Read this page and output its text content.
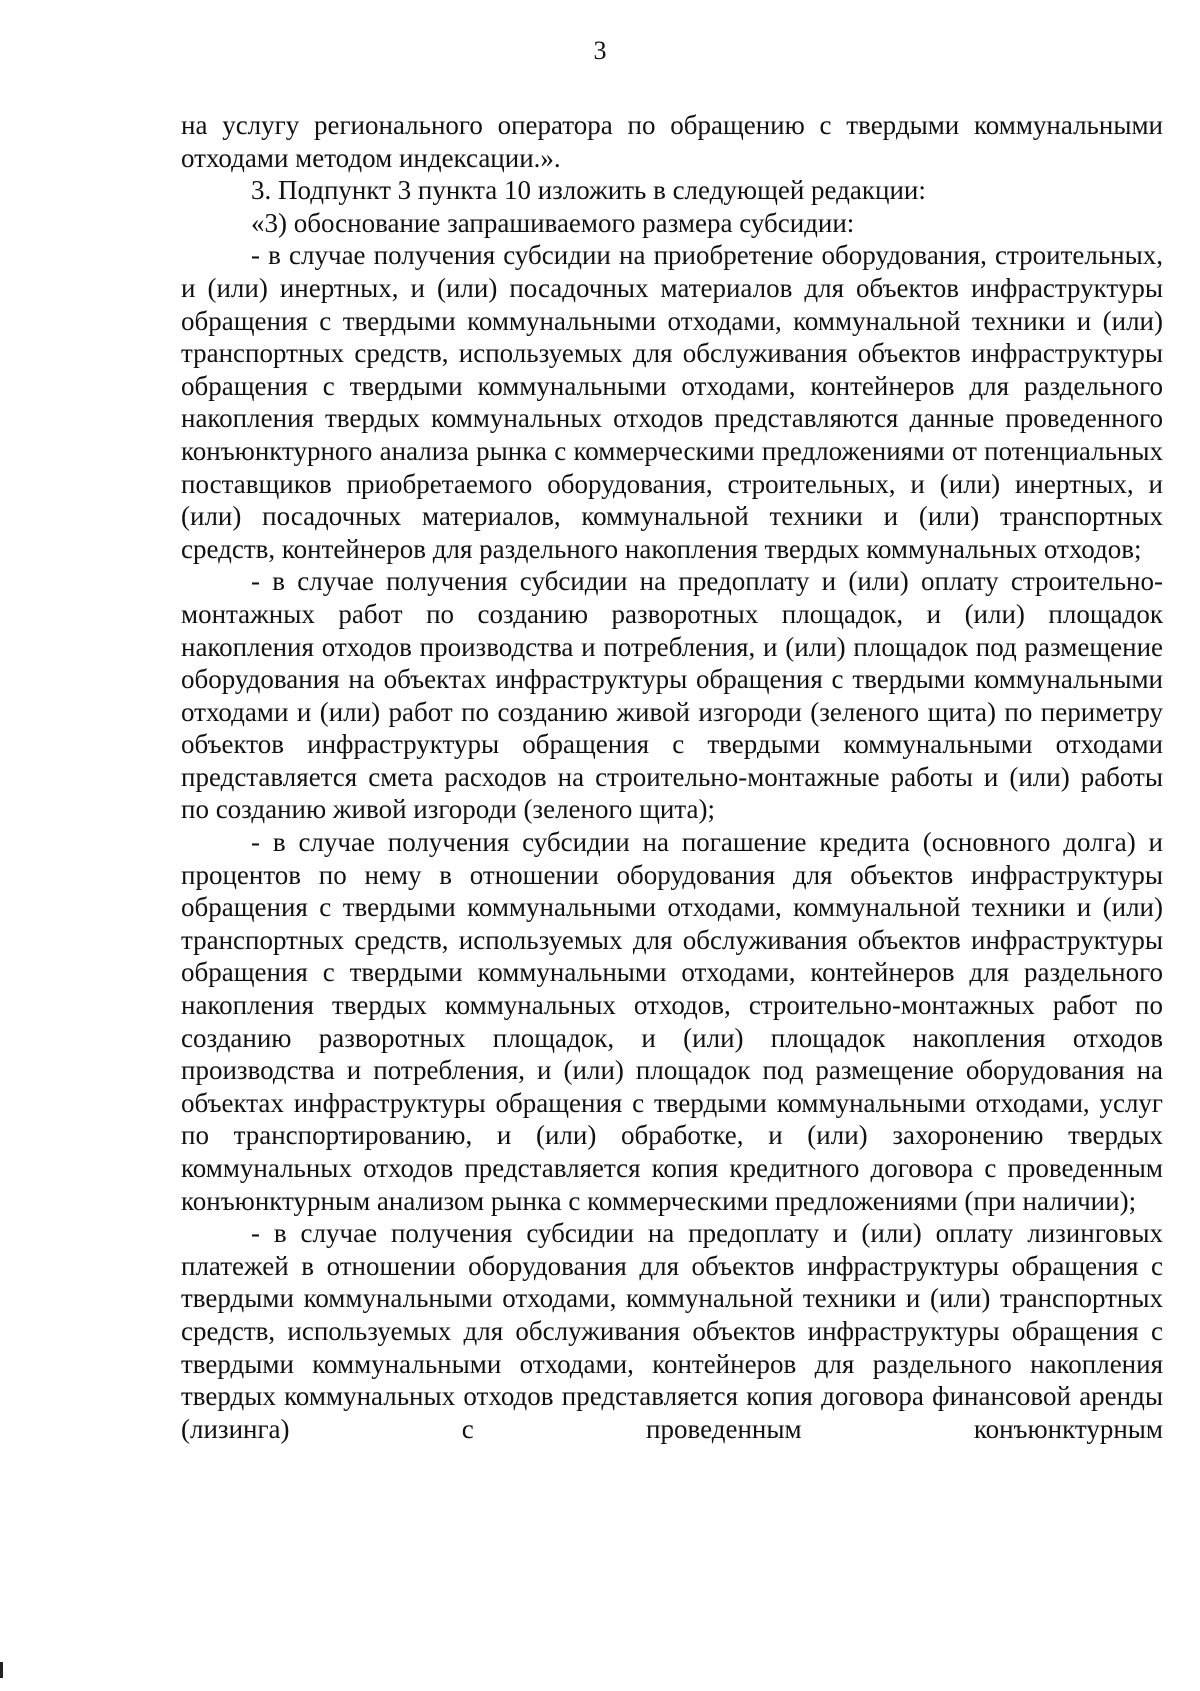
3

на услугу регионального оператора по обращению с твердыми коммунальными отходами методом индексации.».

3. Подпункт 3 пункта 10 изложить в следующей редакции:

«3) обоснование запрашиваемого размера субсидии:

- в случае получения субсидии на приобретение оборудования, строительных, и (или) инертных, и (или) посадочных материалов для объектов инфраструктуры обращения с твердыми коммунальными отходами, коммунальной техники и (или) транспортных средств, используемых для обслуживания объектов инфраструктуры обращения с твердыми коммунальными отходами, контейнеров для раздельного накопления твердых коммунальных отходов представляются данные проведенного конъюнктурного анализа рынка с коммерческими предложениями от потенциальных поставщиков приобретаемого оборудования, строительных, и (или) инертных, и (или) посадочных материалов, коммунальной техники и (или) транспортных средств, контейнеров для раздельного накопления твердых коммунальных отходов;

- в случае получения субсидии на предоплату и (или) оплату строительно-монтажных работ по созданию разворотных площадок, и (или) площадок накопления отходов производства и потребления, и (или) площадок под размещение оборудования на объектах инфраструктуры обращения с твердыми коммунальными отходами и (или) работ по созданию живой изгороди (зеленого щита) по периметру объектов инфраструктуры обращения с твердыми коммунальными отходами представляется смета расходов на строительно-монтажные работы и (или) работы по созданию живой изгороди (зеленого щита);

- в случае получения субсидии на погашение кредита (основного долга) и процентов по нему в отношении оборудования для объектов инфраструктуры обращения с твердыми коммунальными отходами, коммунальной техники и (или) транспортных средств, используемых для обслуживания объектов инфраструктуры обращения с твердыми коммунальными отходами, контейнеров для раздельного накопления твердых коммунальных отходов, строительно-монтажных работ по созданию разворотных площадок, и (или) площадок накопления отходов производства и потребления, и (или) площадок под размещение оборудования на объектах инфраструктуры обращения с твердыми коммунальными отходами, услуг по транспортированию, и (или) обработке, и (или) захоронению твердых коммунальных отходов представляется копия кредитного договора с проведенным конъюнктурным анализом рынка с коммерческими предложениями (при наличии);

- в случае получения субсидии на предоплату и (или) оплату лизинговых платежей в отношении оборудования для объектов инфраструктуры обращения с твердыми коммунальными отходами, коммунальной техники и (или) транспортных средств, используемых для обслуживания объектов инфраструктуры обращения с твердыми коммунальными отходами, контейнеров для раздельного накопления твердых коммунальных отходов представляется копия договора финансовой аренды (лизинга) с проведенным конъюнктурным
